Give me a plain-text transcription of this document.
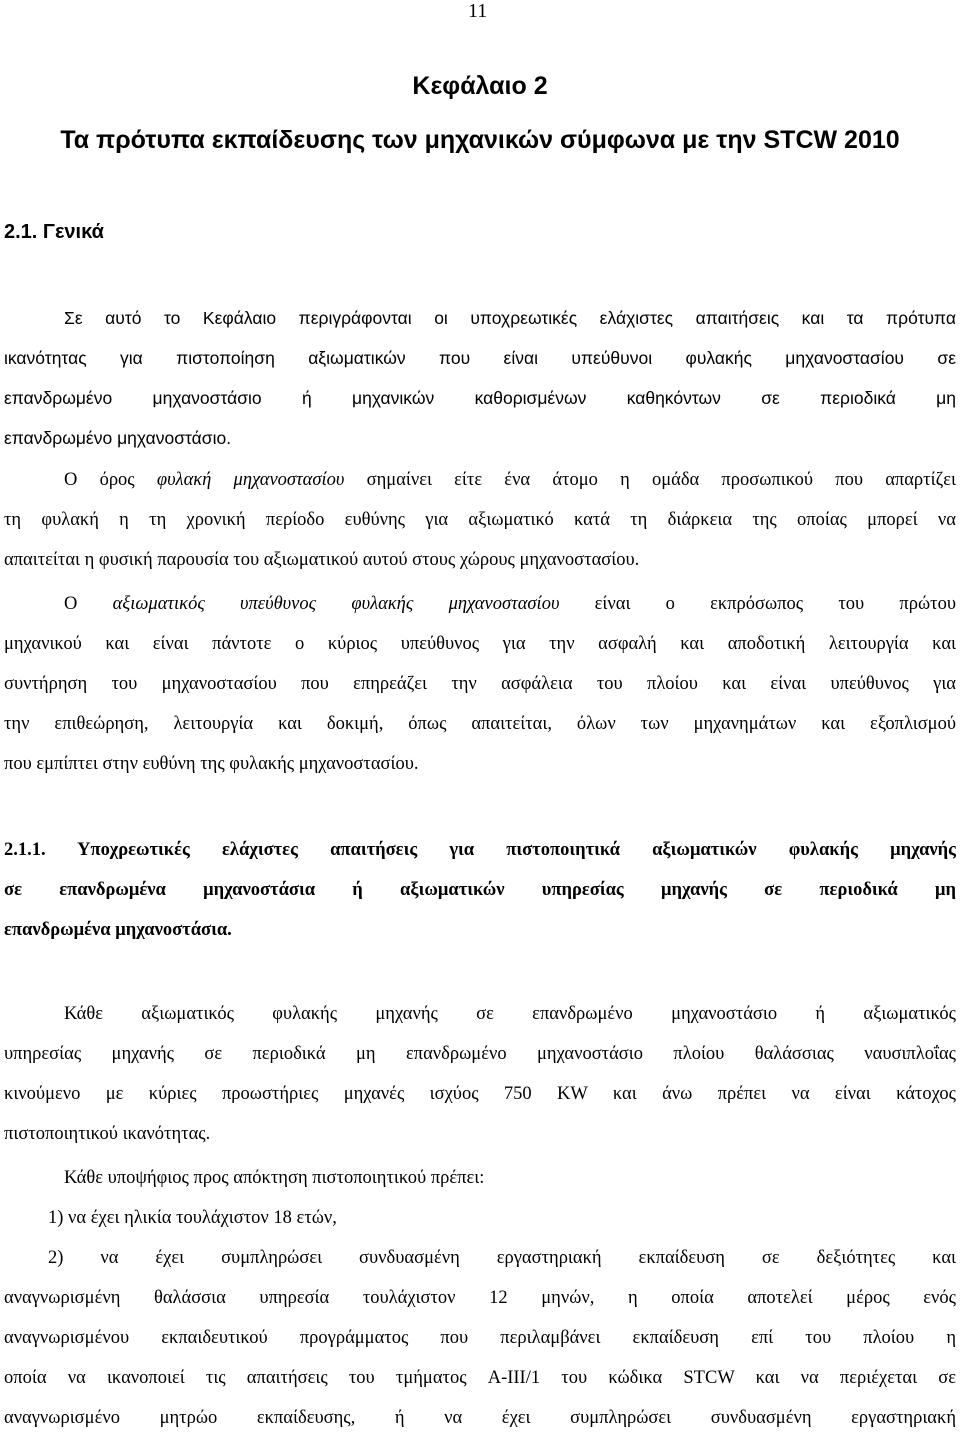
11
Κεφάλαιο 2
Τα πρότυπα εκπαίδευσης των μηχανικών σύμφωνα με την STCW 2010
2.1. Γενικά
Σε αυτό το Κεφάλαιο περιγράφονται οι υποχρεωτικές ελάχιστες απαιτήσεις και τα πρότυπα
ικανότητας για πιστοποίηση αξιωματικών που είναι υπεύθυνοι φυλακής μηχανοστασίου σε
επανδρωμένο μηχανοστάσιο ή μηχανικών καθορισμένων καθηκόντων σε περιοδικά μη
επανδρωμένο μηχανοστάσιο.
Ο όρος φυλακή μηχανοστασίου σημαίνει είτε ένα άτομο η ομάδα προσωπικού που απαρτίζει
τη φυλακή η τη χρονική περίοδο ευθύνης για αξιωματικό κατά τη διάρκεια της οποίας μπορεί να
απαιτείται η φυσική παρουσία του αξιωματικού αυτού στους χώρους μηχανοστασίου.
Ο αξιωματικός υπεύθυνος φυλακής μηχανοστασίου είναι ο εκπρόσωπος του πρώτου
μηχανικού και είναι πάντοτε ο κύριος υπεύθυνος για την ασφαλή και αποδοτική λειτουργία και
συντήρηση του μηχανοστασίου που επηρεάζει την ασφάλεια του πλοίου και είναι υπεύθυνος για
την επιθεώρηση, λειτουργία και δοκιμή, όπως απαιτείται, όλων των μηχανημάτων και εξοπλισμού
που εμπίπτει στην ευθύνη της φυλακής μηχανοστασίου.
2.1.1. Υποχρεωτικές ελάχιστες απαιτήσεις για πιστοποιητικά αξιωματικών φυλακής μηχανής
σε επανδρωμένα μηχανοστάσια ή αξιωματικών υπηρεσίας μηχανής σε περιοδικά μη
επανδρωμένα μηχανοστάσια.
Κάθε αξιωματικός φυλακής μηχανής σε επανδρωμένο μηχανοστάσιο ή αξιωματικός
υπηρεσίας μηχανής σε περιοδικά μη επανδρωμένο μηχανοστάσιο πλοίου θαλάσσιας ναυσιπλοΐας
κινούμενο με κύριες προωστήριες μηχανές ισχύος 750 KW και άνω πρέπει να είναι κάτοχος
πιστοποιητικού ικανότητας.
Κάθε υποψήφιος προς απόκτηση πιστοποιητικού πρέπει:
1) να έχει ηλικία τουλάχιστον 18 ετών,
2) να έχει συμπληρώσει συνδυασμένη εργαστηριακή εκπαίδευση σε δεξιότητες και
αναγνωρισμένη θαλάσσια υπηρεσία τουλάχιστον 12 μηνών, η οποία αποτελεί μέρος ενός
αναγνωρισμένου εκπαιδευτικού προγράμματος που περιλαμβάνει εκπαίδευση επί του πλοίου η
οποία να ικανοποιεί τις απαιτήσεις του τμήματος A-III/1 του κώδικα STCW και να περιέχεται σε
αναγνωρισμένο μητρώο εκπαίδευσης, ή να έχει συμπληρώσει συνδυασμένη εργαστηριακή
